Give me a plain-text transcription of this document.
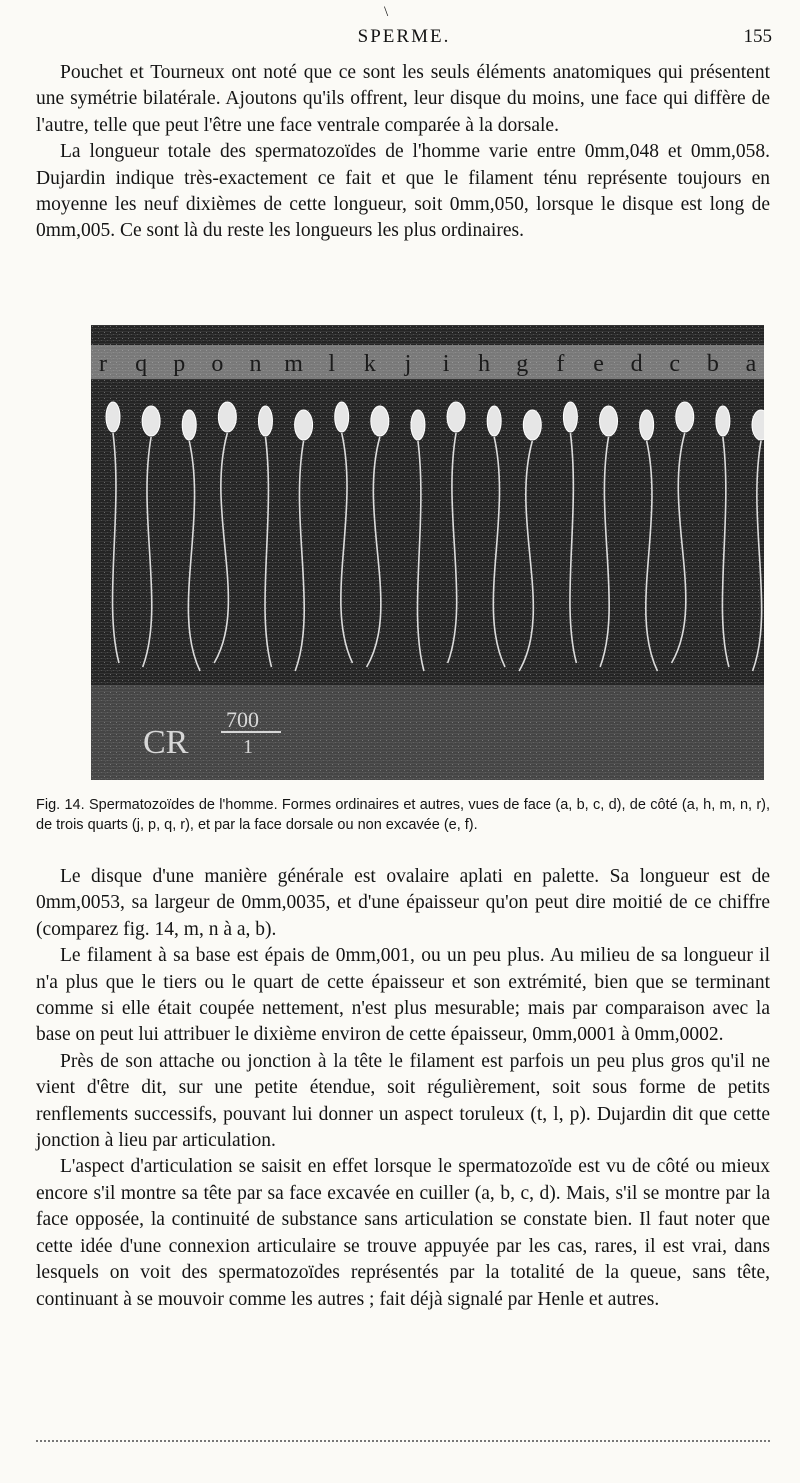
\
SPERME.	155

Pouchet et Tourneux ont noté que ce sont les seuls éléments anatomiques qui présentent une symétrie bilatérale. Ajoutons qu'ils offrent, leur disque du moins, une face qui diffère de l'autre, telle que peut l'être une face ventrale comparée à la dorsale.

La longueur totale des spermatozoïdes de l'homme varie entre 0mm,048 et 0mm,058. Dujardin indique très-exactement ce fait et que le filament ténu représente toujours en moyenne les neuf dixièmes de cette longueur, soit 0mm,050, lorsque le disque est long de 0mm,005. Ce sont là du reste les longueurs les plus ordinaires.

r q p o n m l k j i h g f e d c b a
CR
700
1
Fig. 14. Spermatozoïdes de l'homme. Formes ordinaires et autres, vues de face (a, b, c, d), de côté (a, h, m, n, r), de trois quarts (j, p, q, r), et par la face dorsale ou non excavée (e, f).

Le disque d'une manière générale est ovalaire aplati en palette. Sa longueur est de 0mm,0053, sa largeur de 0mm,0035, et d'une épaisseur qu'on peut dire moitié de ce chiffre (comparez fig. 14, m, n à a, b).

Le filament à sa base est épais de 0mm,001, ou un peu plus. Au milieu de sa longueur il n'a plus que le tiers ou le quart de cette épaisseur et son extrémité, bien que se terminant comme si elle était coupée nettement, n'est plus mesurable; mais par comparaison avec la base on peut lui attribuer le dixième environ de cette épaisseur, 0mm,0001 à 0mm,0002.

Près de son attache ou jonction à la tête le filament est parfois un peu plus gros qu'il ne vient d'être dit, sur une petite étendue, soit régulièrement, soit sous forme de petits renflements successifs, pouvant lui donner un aspect toruleux (t, l, p). Dujardin dit que cette jonction à lieu par articulation.

L'aspect d'articulation se saisit en effet lorsque le spermatozoïde est vu de côté ou mieux encore s'il montre sa tête par sa face excavée en cuiller (a, b, c, d). Mais, s'il se montre par la face opposée, la continuité de substance sans articulation se constate bien. Il faut noter que cette idée d'une connexion articulaire se trouve appuyée par les cas, rares, il est vrai, dans lesquels on voit des spermatozoïdes représentés par la totalité de la queue, sans tête, continuant à se mouvoir comme les autres ; fait déjà signalé par Henle et autres.
